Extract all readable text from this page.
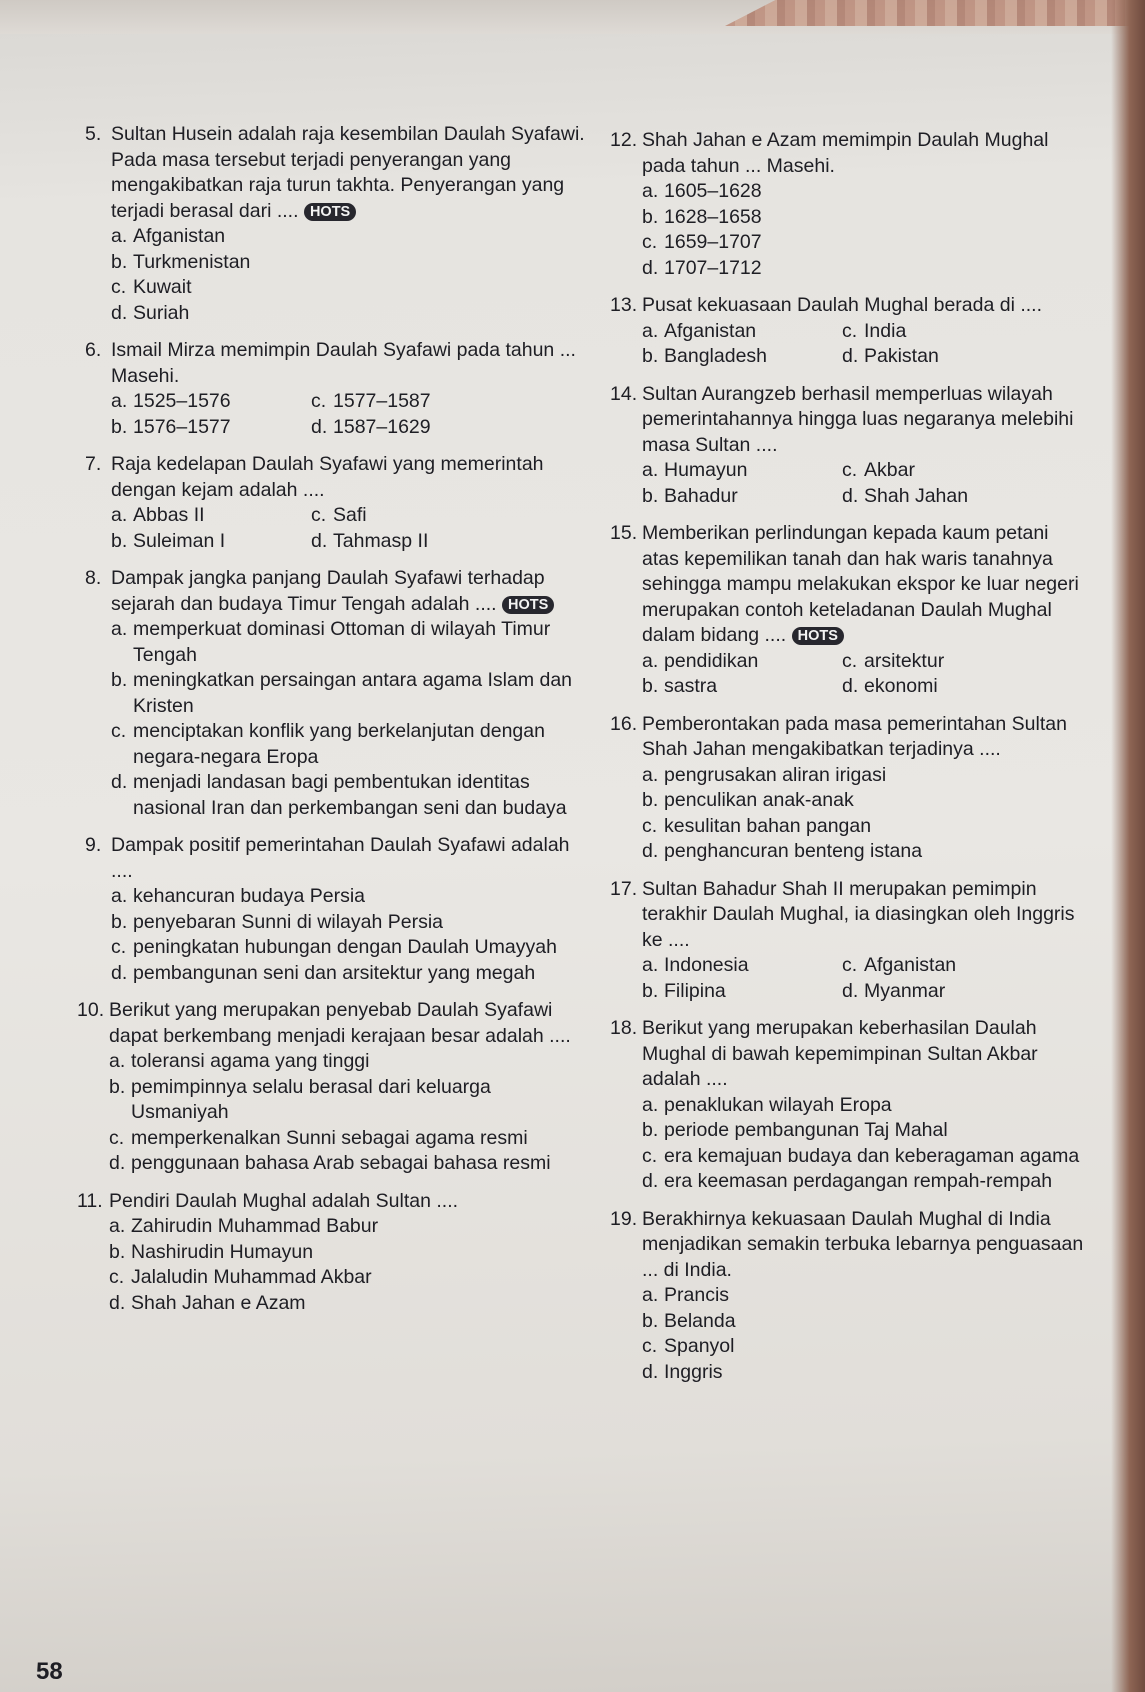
5. Sultan Husein adalah raja kesembilan Daulah Syafawi. Pada masa tersebut terjadi penyerangan yang mengakibatkan raja turun takhta. Penyerangan yang terjadi berasal dari .... HOTS
a. Afganistan
b. Turkmenistan
c. Kuwait
d. Suriah
6. Ismail Mirza memimpin Daulah Syafawi pada tahun ... Masehi.
a. 1525–1576	c. 1577–1587
b. 1576–1577	d. 1587–1629
7. Raja kedelapan Daulah Syafawi yang memerintah dengan kejam adalah ....
a. Abbas II	c. Safi
b. Suleiman I	d. Tahmasp II
8. Dampak jangka panjang Daulah Syafawi terhadap sejarah dan budaya Timur Tengah adalah .... HOTS
a. memperkuat dominasi Ottoman di wilayah Timur Tengah
b. meningkatkan persaingan antara agama Islam dan Kristen
c. menciptakan konflik yang berkelanjutan dengan negara-negara Eropa
d. menjadi landasan bagi pembentukan identitas nasional Iran dan perkembangan seni dan budaya
9. Dampak positif pemerintahan Daulah Syafawi adalah ....
a. kehancuran budaya Persia
b. penyebaran Sunni di wilayah Persia
c. peningkatan hubungan dengan Daulah Umayyah
d. pembangunan seni dan arsitektur yang megah
10. Berikut yang merupakan penyebab Daulah Syafawi dapat berkembang menjadi kerajaan besar adalah ....
a. toleransi agama yang tinggi
b. pemimpinnya selalu berasal dari keluarga Usmaniyah
c. memperkenalkan Sunni sebagai agama resmi
d. penggunaan bahasa Arab sebagai bahasa resmi
11. Pendiri Daulah Mughal adalah Sultan ....
a. Zahirudin Muhammad Babur
b. Nashirudin Humayun
c. Jalaludin Muhammad Akbar
d. Shah Jahan e Azam
12. Shah Jahan e Azam memimpin Daulah Mughal pada tahun ... Masehi.
a. 1605–1628
b. 1628–1658
c. 1659–1707
d. 1707–1712
13. Pusat kekuasaan Daulah Mughal berada di ....
a. Afganistan	c. India
b. Bangladesh	d. Pakistan
14. Sultan Aurangzeb berhasil memperluas wilayah pemerintahannya hingga luas negaranya melebihi masa Sultan ....
a. Humayun	c. Akbar
b. Bahadur	d. Shah Jahan
15. Memberikan perlindungan kepada kaum petani atas kepemilikan tanah dan hak waris tanahnya sehingga mampu melakukan ekspor ke luar negeri merupakan contoh keteladanan Daulah Mughal dalam bidang .... HOTS
a. pendidikan	c. arsitektur
b. sastra	d. ekonomi
16. Pemberontakan pada masa pemerintahan Sultan Shah Jahan mengakibatkan terjadinya ....
a. pengrusakan aliran irigasi
b. penculikan anak-anak
c. kesulitan bahan pangan
d. penghancuran benteng istana
17. Sultan Bahadur Shah II merupakan pemimpin terakhir Daulah Mughal, ia diasingkan oleh Inggris ke ....
a. Indonesia	c. Afganistan
b. Filipina	d. Myanmar
18. Berikut yang merupakan keberhasilan Daulah Mughal di bawah kepemimpinan Sultan Akbar adalah ....
a. penaklukan wilayah Eropa
b. periode pembangunan Taj Mahal
c. era kemajuan budaya dan keberagaman agama
d. era keemasan perdagangan rempah-rempah
19. Berakhirnya kekuasaan Daulah Mughal di India menjadikan semakin terbuka lebarnya penguasaan ... di India.
a. Prancis
b. Belanda
c. Spanyol
d. Inggris
58
